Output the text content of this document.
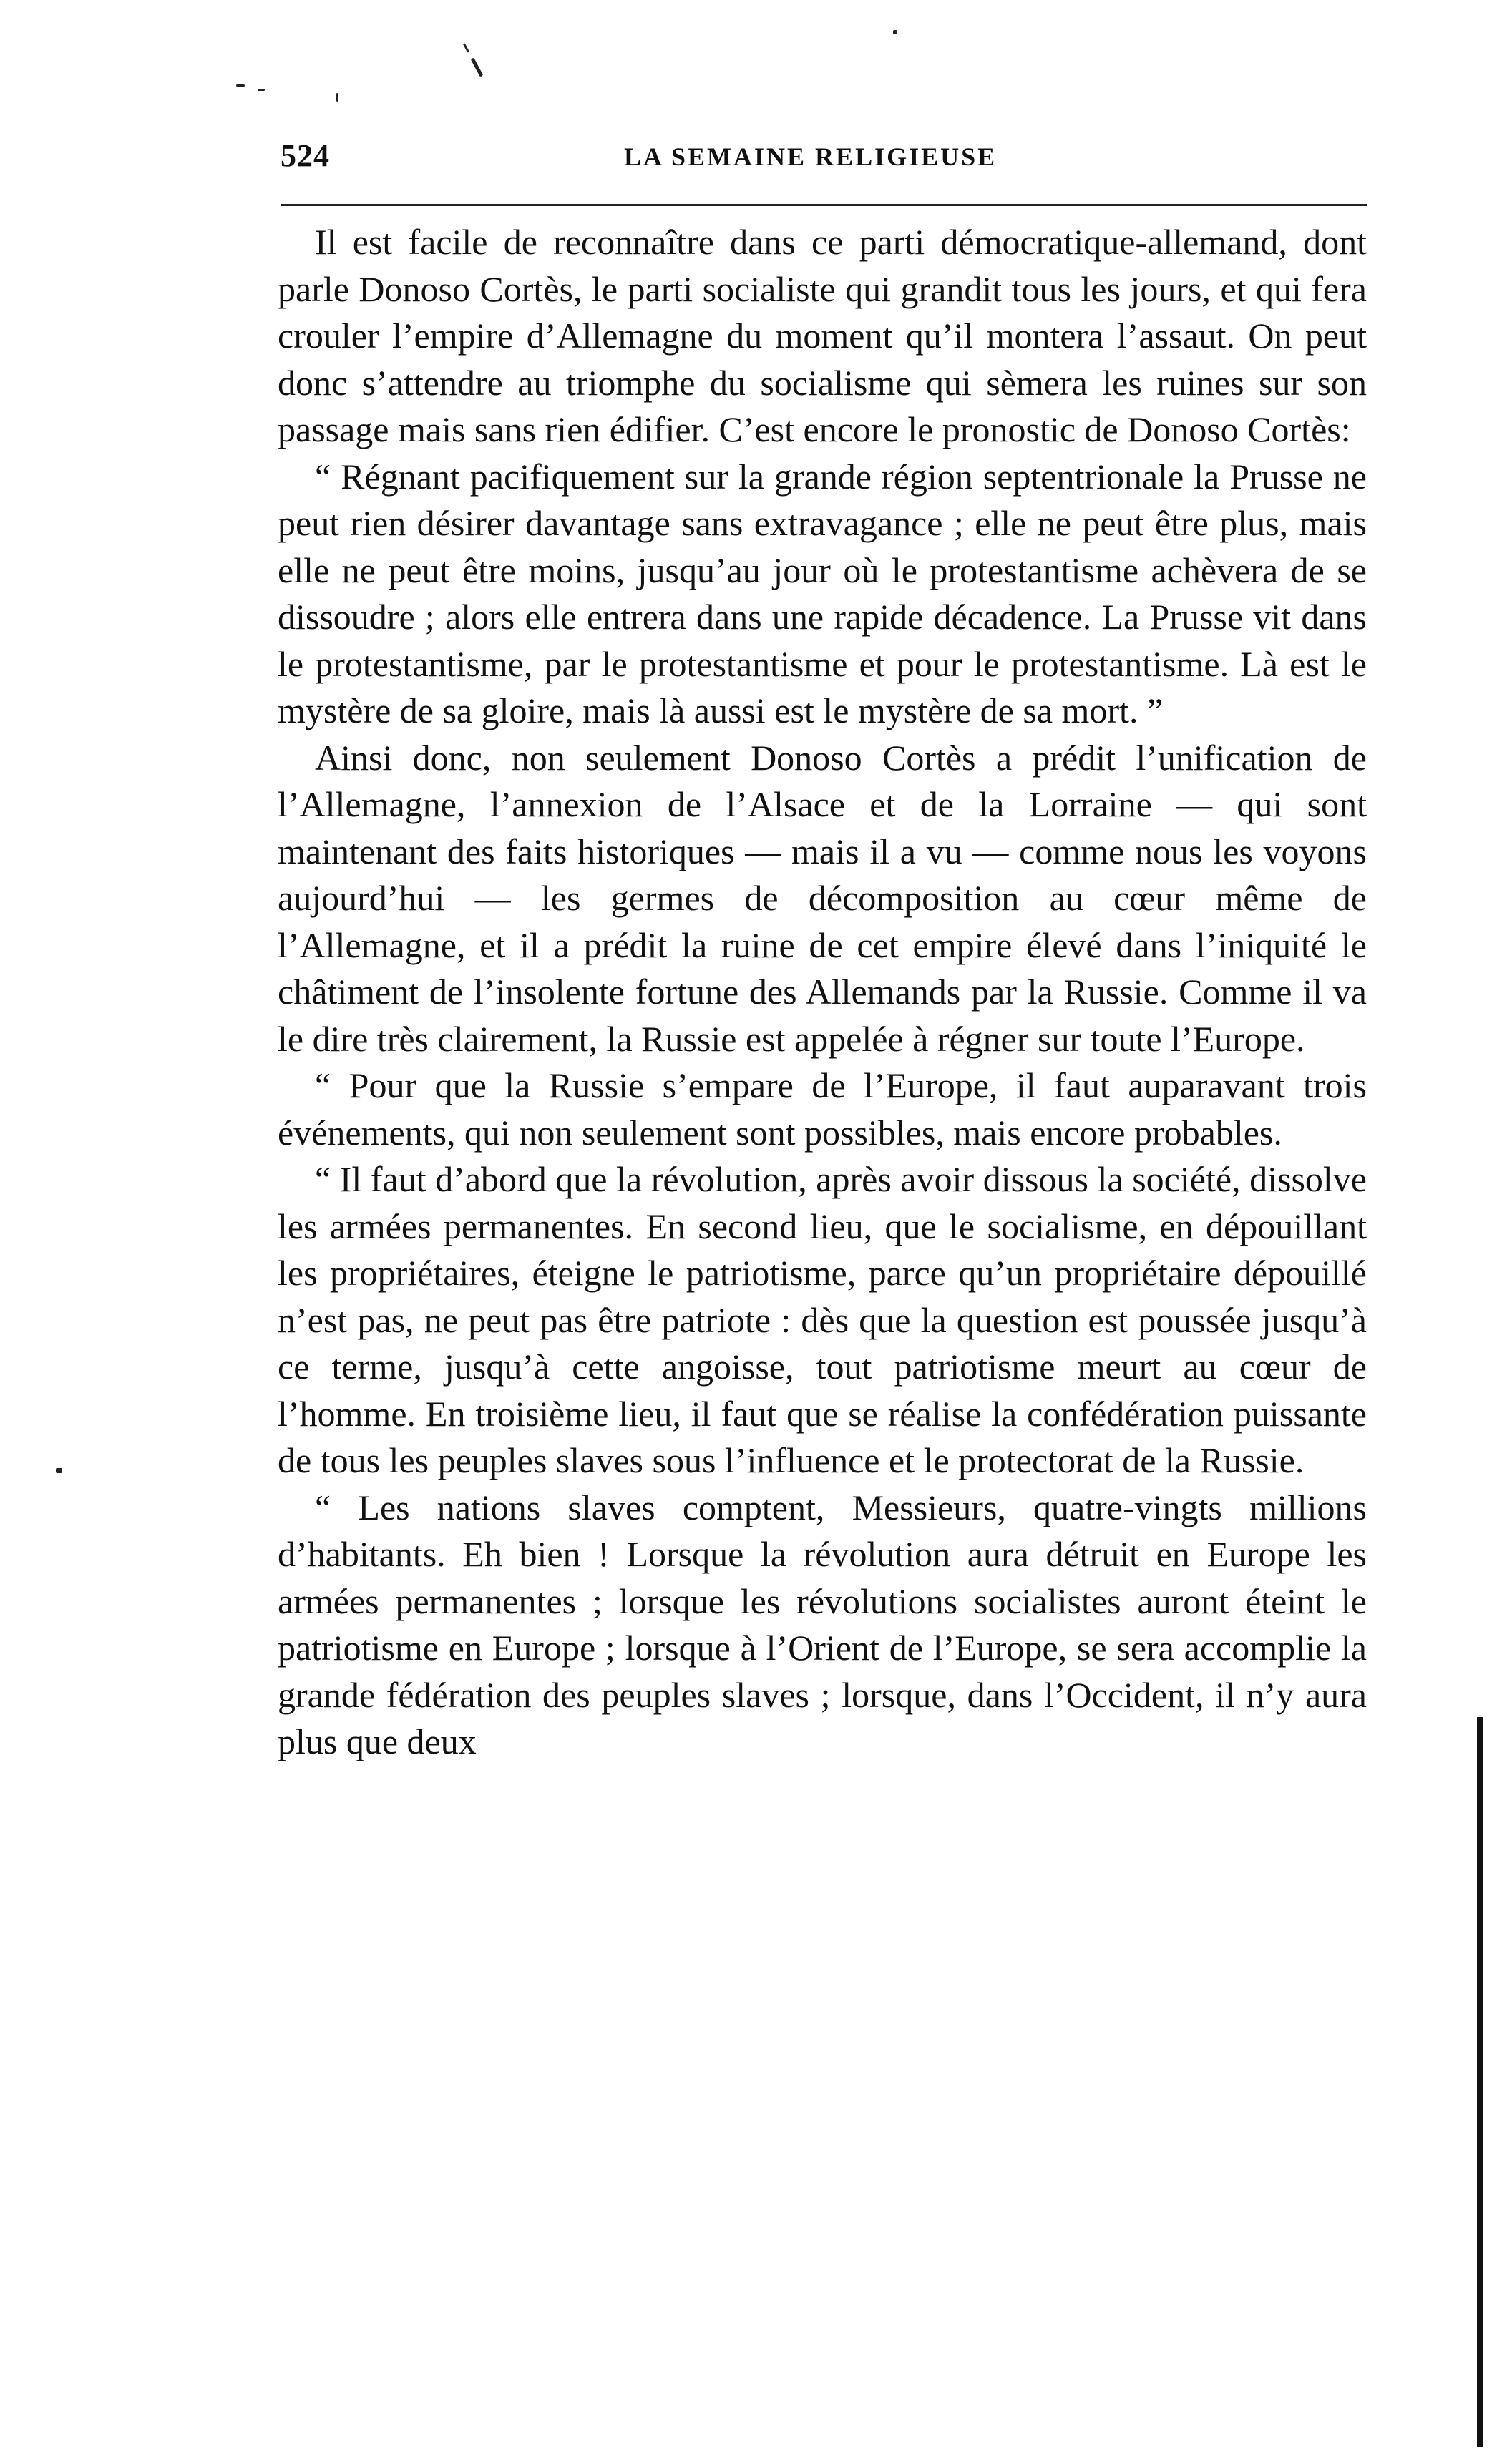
524	LA SEMAINE RELIGIEUSE

Il est facile de reconnaître dans ce parti démocratique-allemand, dont parle Donoso Cortès, le parti socialiste qui grandit tous les jours, et qui fera crouler l’empire d’Allemagne du moment qu’il montera l’assaut. On peut donc s’attendre au triomphe du socialisme qui sèmera les ruines sur son passage mais sans rien édifier. C’est encore le pronostic de Donoso Cortès:

“ Régnant pacifiquement sur la grande région septentrionale la Prusse ne peut rien désirer davantage sans extravagance ; elle ne peut être plus, mais elle ne peut être moins, jusqu’au jour où le protestantisme achèvera de se dissoudre ; alors elle entrera dans une rapide décadence. La Prusse vit dans le protestantisme, par le protestantisme et pour le protestantisme. Là est le mystère de sa gloire, mais là aussi est le mystère de sa mort. ”

Ainsi donc, non seulement Donoso Cortès a prédit l’unification de l’Allemagne, l’annexion de l’Alsace et de la Lorraine — qui sont maintenant des faits historiques — mais il a vu — comme nous les voyons aujourd’hui — les germes de décomposition au cœur même de l’Allemagne, et il a prédit la ruine de cet empire élevé dans l’iniquité le châtiment de l’insolente fortune des Allemands par la Russie. Comme il va le dire très clairement, la Russie est appelée à régner sur toute l’Europe.

“ Pour que la Russie s’empare de l’Europe, il faut auparavant trois événements, qui non seulement sont possibles, mais encore probables.

“ Il faut d’abord que la révolution, après avoir dissous la société, dissolve les armées permanentes. En second lieu, que le socialisme, en dépouillant les propriétaires, éteigne le patriotisme, parce qu’un propriétaire dépouillé n’est pas, ne peut pas être patriote : dès que la question est poussée jusqu’à ce terme, jusqu’à cette angoisse, tout patriotisme meurt au cœur de l’homme. En troisième lieu, il faut que se réalise la confédération puissante de tous les peuples slaves sous l’influence et le protectorat de la Russie.

“ Les nations slaves comptent, Messieurs, quatre-vingts millions d’habitants. Eh bien ! Lorsque la révolution aura détruit en Europe les armées permanentes ; lorsque les révolutions socialistes auront éteint le patriotisme en Europe ; lorsque à l’Orient de l’Europe, se sera accomplie la grande fédération des peuples slaves ; lorsque, dans l’Occident, il n’y aura plus que deux
